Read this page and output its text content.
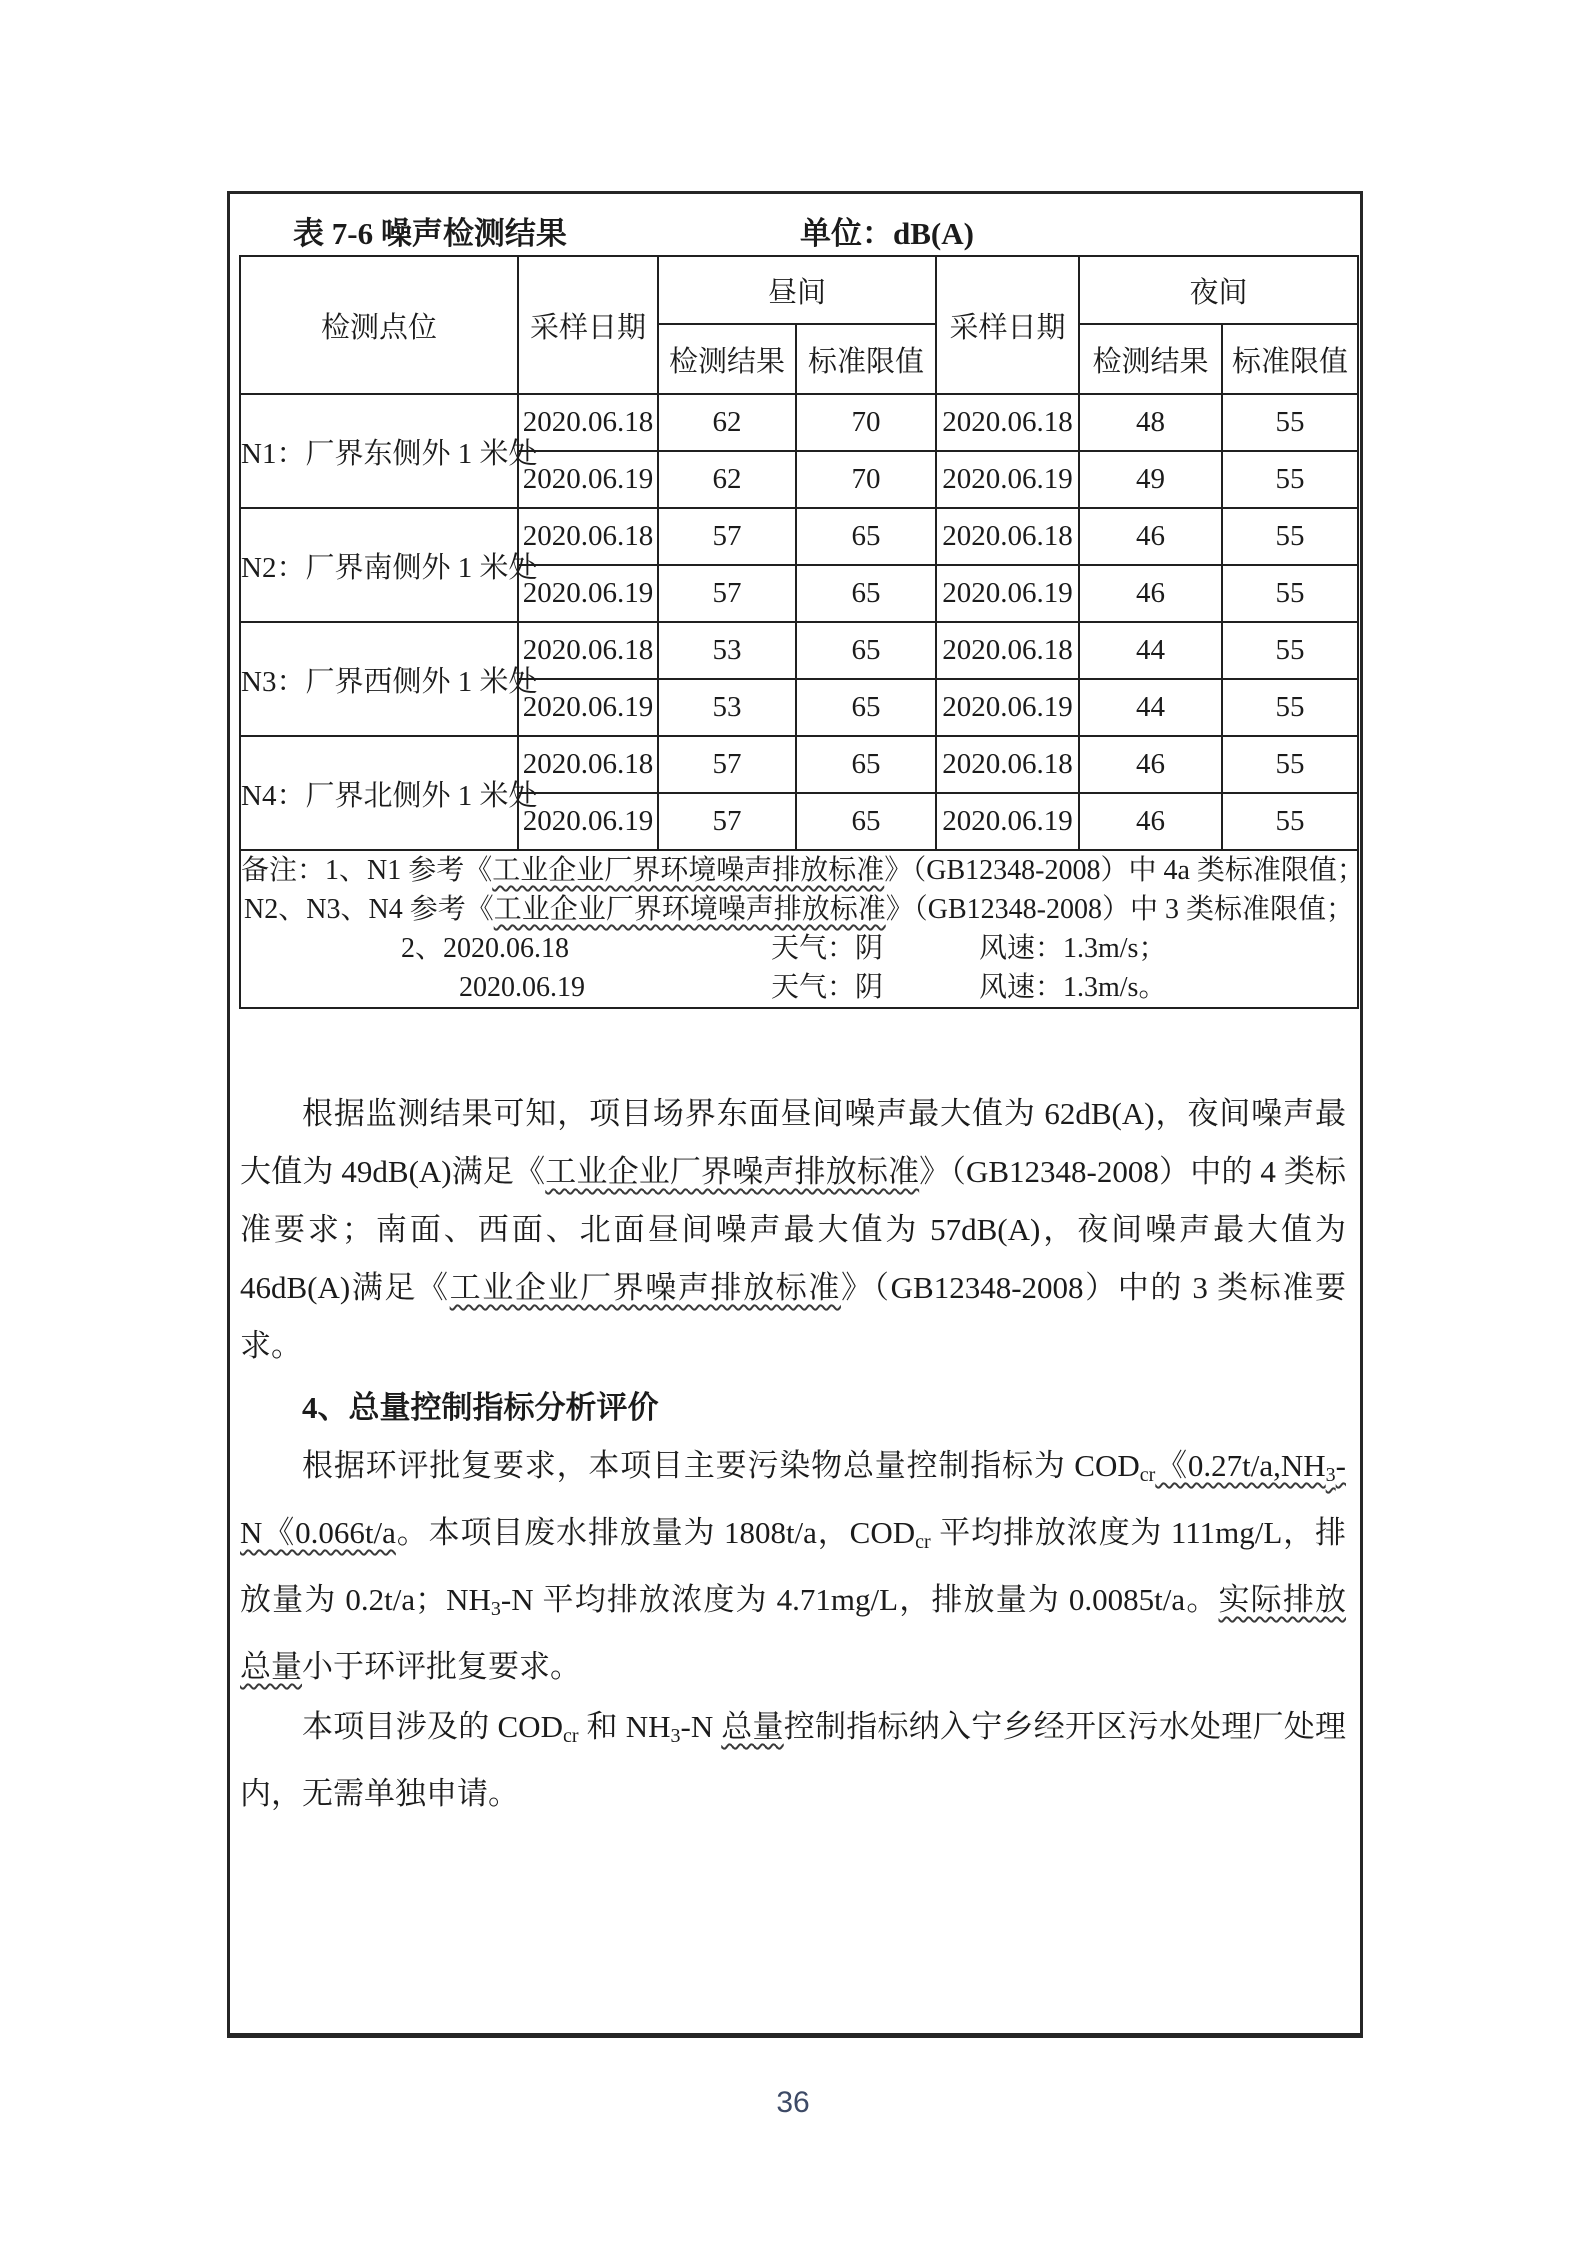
表 7-6 噪声检测结果	单位：dB(A)
检测点位	采样日期	昼间		采样日期	夜间	
		检测结果	标准限值		检测结果	标准限值
N1：厂界东侧外 1 米处	2020.06.18	62	70	2020.06.18	48	55
	2020.06.19	62	70	2020.06.19	49	55
N2：厂界南侧外 1 米处	2020.06.18	57	65	2020.06.18	46	55
	2020.06.19	57	65	2020.06.19	46	55
N3：厂界西侧外 1 米处	2020.06.18	53	65	2020.06.18	44	55
	2020.06.19	53	65	2020.06.19	44	55
N4：厂界北侧外 1 米处	2020.06.18	57	65	2020.06.18	46	55
	2020.06.19	57	65	2020.06.19	46	55

备注：1、N1 参考《工业企业厂界环境噪声排放标准》（GB12348-2008）中 4a 类标准限值；
N2、N3、N4 参考《工业企业厂界环境噪声排放标准》（GB12348-2008）中 3 类标准限值；
2、2020.06.18	天气：阴	风速：1.3m/s；
2020.06.19	天气：阴	风速：1.3m/s。

根据监测结果可知，项目场界东面昼间噪声最大值为 62dB(A)，夜间噪声最大值为 49dB(A)满足《工业企业厂界噪声排放标准》（GB12348-2008）中的 4 类标准要求；南面、西面、北面昼间噪声最大值为 57dB(A)，夜间噪声最大值为 46dB(A)满足《工业企业厂界噪声排放标准》（GB12348-2008）中的 3 类标准要求。

4、总量控制指标分析评价

根据环评批复要求，本项目主要污染物总量控制指标为 $COD_{cr}$《$0.27t/a,NH_3-N$《0.066t/a。本项目废水排放量为 1808t/a，$COD_{cr}$ 平均排放浓度为 111mg/L，排放量为 0.2t/a；$NH_3-N$ 平均排放浓度为 4.71mg/L，排放量为 0.0085t/a。实际排放总量小于环评批复要求。

本项目涉及的 $COD_{cr}$ 和 $NH_3-N$ 总量控制指标纳入宁乡经开区污水处理厂处理内，无需单独申请。

36
